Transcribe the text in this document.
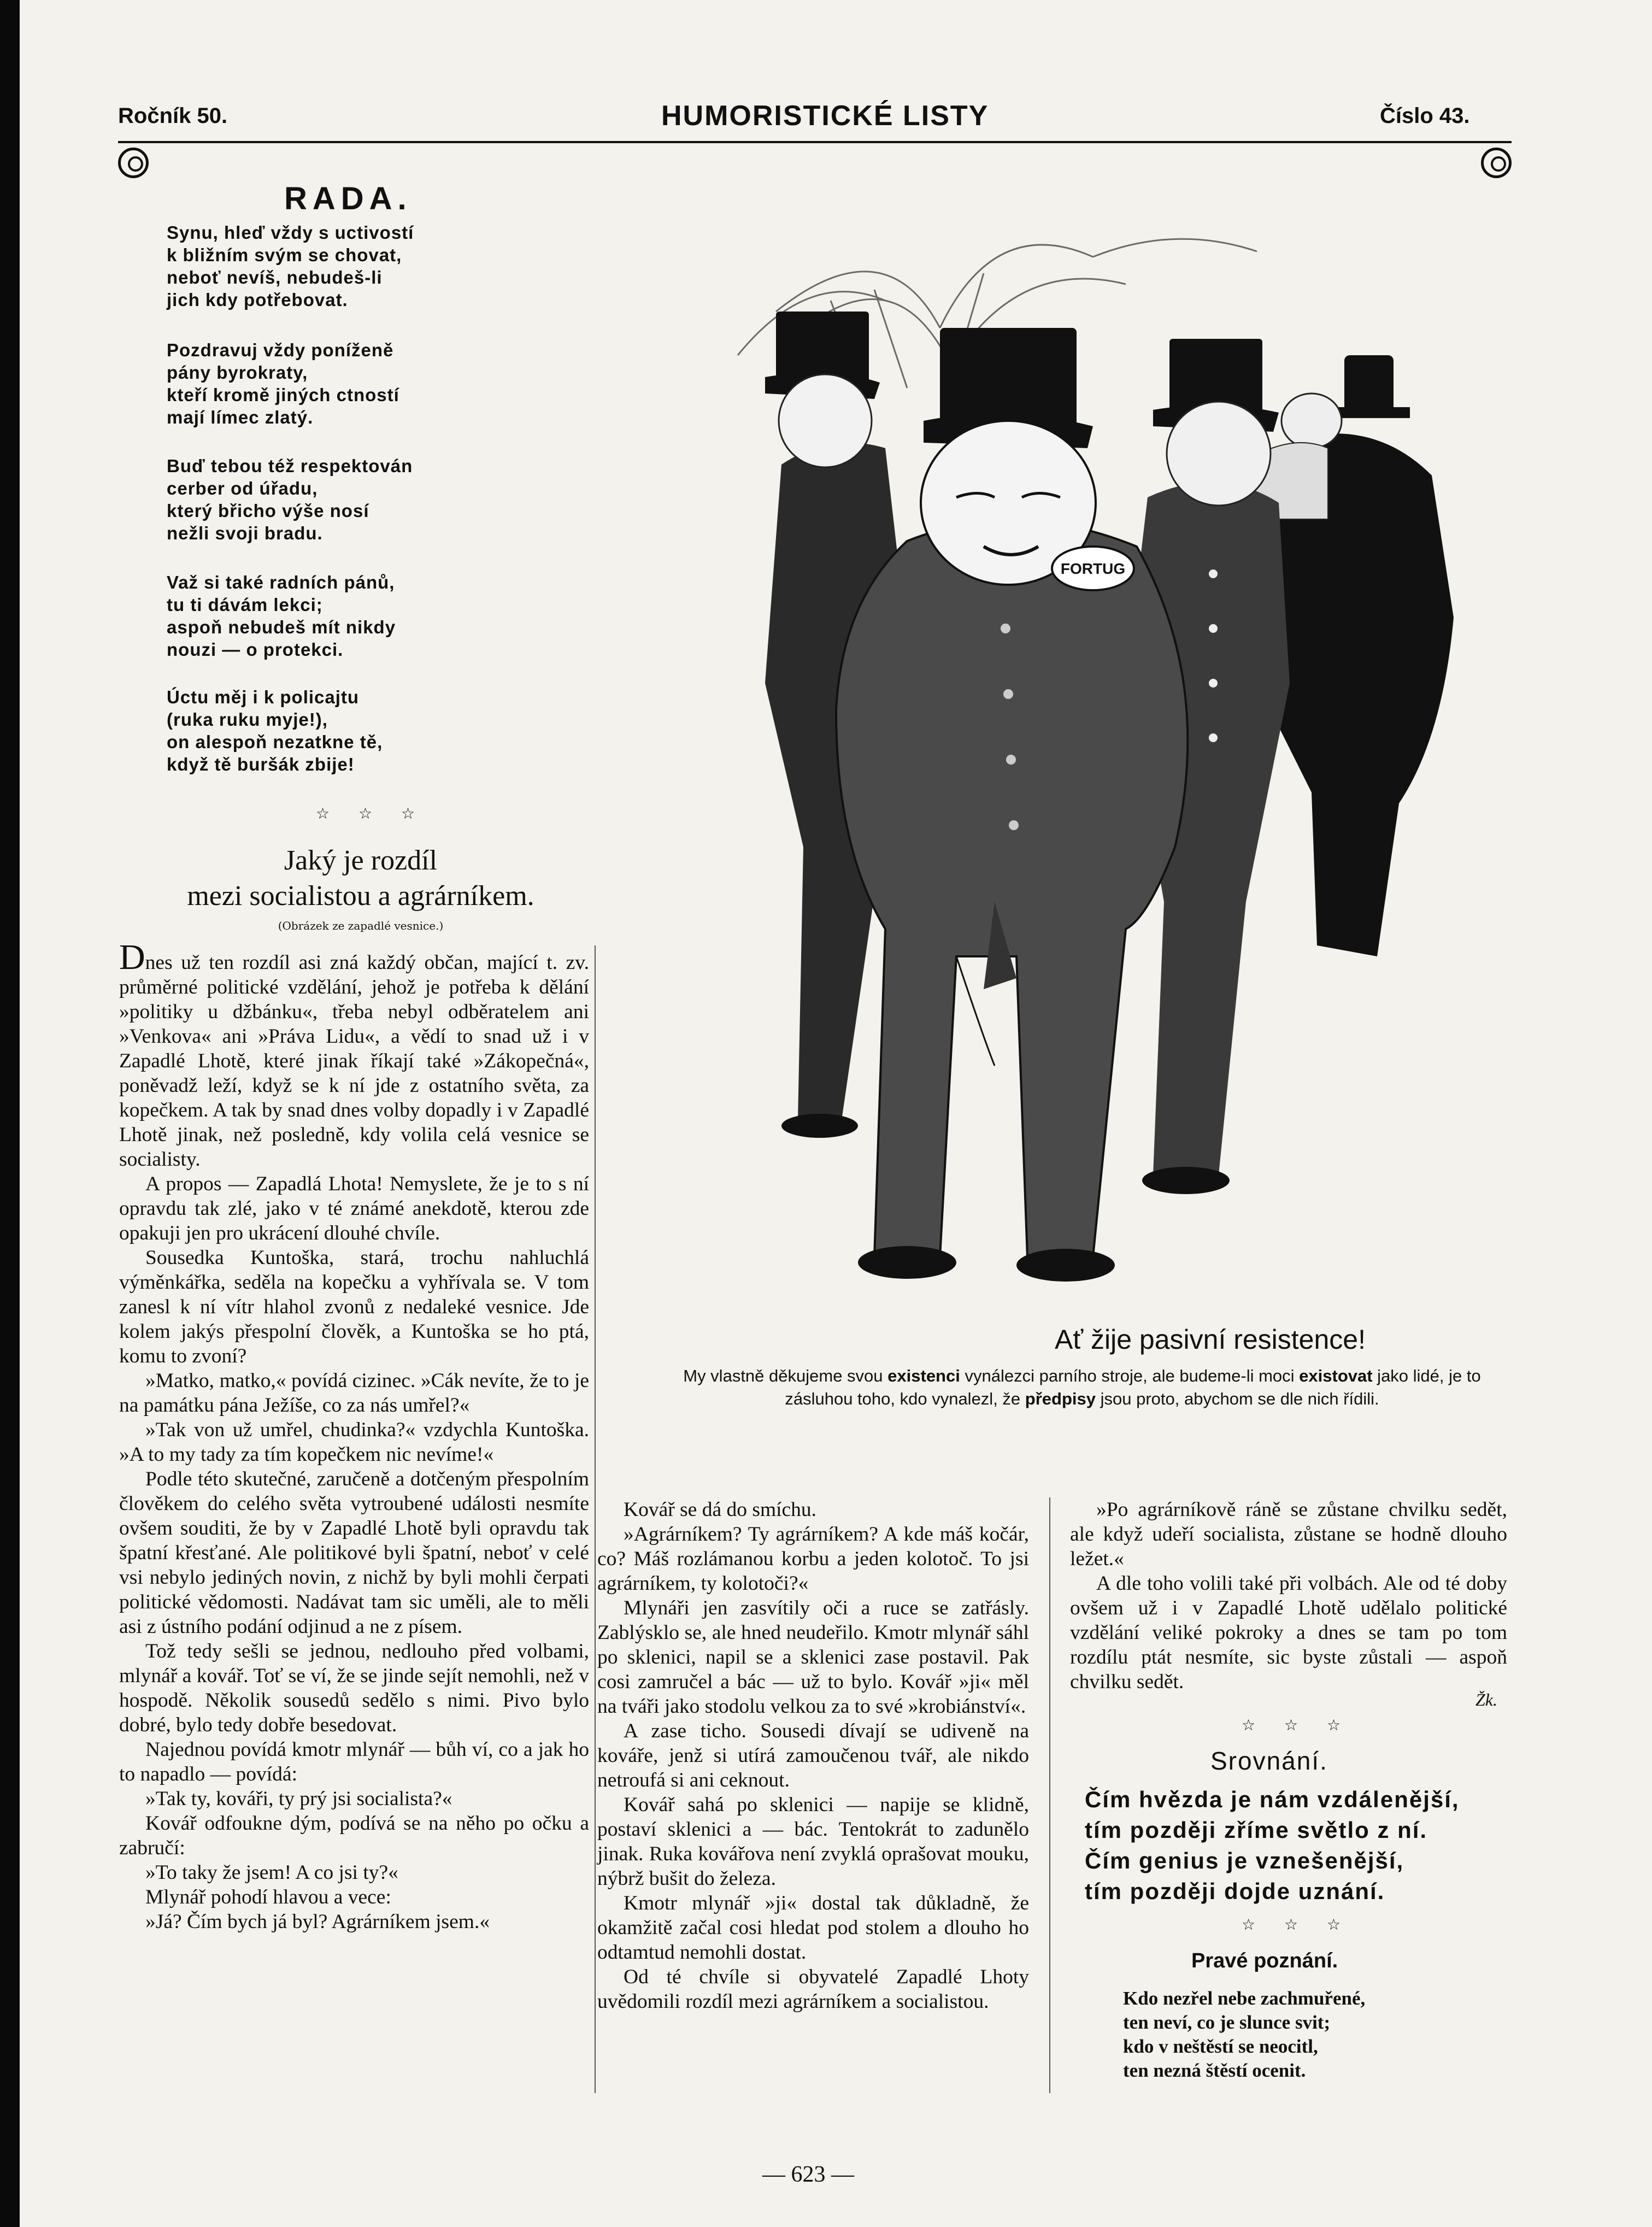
Ročník 50.	HUMORISTICKÉ LISTY	Číslo 43.
RADA.
Synu, hleď vždy s uctivostí
k bližním svým se chovat,
neboť nevíš, nebudeš-li
jich kdy potřebovat.
Pozdravuj vždy poníženě
pány byrokraty,
kteří kromě jiných ctností
mají límec zlatý.
Buď tebou též respektován
cerber od úřadu,
který břicho výše nosí
nežli svoji bradu.
Važ si také radních pánů,
tu ti dávám lekci;
aspoň nebudeš mít nikdy
nouzi — o protekci.
Úctu měj i k policajtu
(ruka ruku myje!),
on alespoň nezatkne tě,
když tě buršák zbije!
☆ ☆ ☆
Jaký je rozdíl
mezi socialistou a agrárníkem.
(Obrázek ze zapadlé vesnice.)

Dnes už ten rozdíl asi zná každý občan, mající t. zv. průměrné politické vzdělání, jehož je potřeba k dělání »politiky u džbánku«, třeba nebyl odběratelem ani »Venkova« ani »Práva Lidu«, a vědí to snad už i v Zapadlé Lhotě, které jinak říkají také »Zákopečná«, poněvadž leží, když se k ní jde z ostatního světa, za kopečkem. A tak by snad dnes volby dopadly i v Zapadlé Lhotě jinak, než posledně, kdy volila celá vesnice se socialisty.

A propos — Zapadlá Lhota! Nemyslete, že je to s ní opravdu tak zlé, jako v té známé anekdotě, kterou zde opakuji jen pro ukrácení dlouhé chvíle.

Sousedka Kuntoška, stará, trochu nahluchlá výměnkářka, seděla na kopečku a vyhřívala se. V tom zanesl k ní vítr hlahol zvonů z nedaleké vesnice. Jde kolem jakýs přespolní člověk, a Kuntoška se ho ptá, komu to zvoní?

»Matko, matko,« povídá cizinec. »Cák nevíte, že to je na památku pána Ježíše, co za nás umřel?«

»Tak von už umřel, chudinka?« vzdychla Kuntoška. »A to my tady za tím kopečkem nic nevíme!«

Podle této skutečné, zaručeně a dotčeným přespolním člověkem do celého světa vytroubené události nesmíte ovšem souditi, že by v Zapadlé Lhotě byli opravdu tak špatní křesťané. Ale politikové byli špatní, neboť v celé vsi nebylo jediných novin, z nichž by byli mohli čerpati politické vědomosti. Nadávat tam sic uměli, ale to měli asi z ústního podání odjinud a ne z písem.

Tož tedy sešli se jednou, nedlouho před volbami, mlynář a kovář. Toť se ví, že se jinde sejít nemohli, než v hospodě. Několik sousedů sedělo s nimi. Pivo bylo dobré, bylo tedy dobře besedovat.

Najednou povídá kmotr mlynář — bůh ví, co a jak ho to napadlo — povídá:

»Tak ty, kováři, ty prý jsi socialista?«

Kovář odfoukne dým, podívá se na něho po očku a zabručí:

»To taky že jsem! A co jsi ty?«

Mlynář pohodí hlavou a vece:

»Já? Čím bych já byl? Agrárníkem jsem.«

FORTUG
Ať žije pasivní resistence!
My vlastně děkujeme svou existenci vynálezci parního stroje, ale budeme-li moci existovat jako lidé, je to zásluhou toho, kdo vynalezl, že předpisy jsou proto, abychom se dle nich řídili.

Kovář se dá do smíchu.

»Agrárníkem? Ty agrárníkem? A kde máš kočár, co? Máš rozlámanou korbu a jeden kolotoč. To jsi agrárníkem, ty kolotoči?«

Mlynáři jen zasvítily oči a ruce se zatřásly. Zablýsklo se, ale hned neudeřilo. Kmotr mlynář sáhl po sklenici, napil se a sklenici zase postavil. Pak cosi zamručel a bác — už to bylo. Kovář »ji« měl na tváři jako stodolu velkou za to své »krobiánství«.

A zase ticho. Sousedi dívají se udiveně na kováře, jenž si utírá zamoučenou tvář, ale nikdo netroufá si ani ceknout.

Kovář sahá po sklenici — napije se klidně, postaví sklenici a — bác. Tentokrát to zadunělo jinak. Ruka kovářova není zvyklá oprašovat mouku, nýbrž bušit do železa.

Kmotr mlynář »ji« dostal tak důkladně, že okamžitě začal cosi hledat pod stolem a dlouho ho odtamtud nemohli dostat.

Od té chvíle si obyvatelé Zapadlé Lhoty uvědomili rozdíl mezi agrárníkem a socialistou.

»Po agrárníkově ráně se zůstane chvilku sedět, ale když udeří socialista, zůstane se hodně dlouho ležet.«

A dle toho volili také při volbách. Ale od té doby ovšem už i v Zapadlé Lhotě udělalo politické vzdělání veliké pokroky a dnes se tam po tom rozdílu ptát nesmíte, sic byste zůstali — aspoň chvilku sedět.

Žk.
☆ ☆ ☆
Srovnání.
Čím hvězda je nám vzdálenější,
tím později zříme světlo z ní.
Čím genius je vznešenější,
tím později dojde uznání.
☆ ☆ ☆
Pravé poznání.
Kdo nezřel nebe zachmuřené,
ten neví, co je slunce svit;
kdo v neštěstí se neocitl,
ten nezná štěstí ocenit.
— 623 —
